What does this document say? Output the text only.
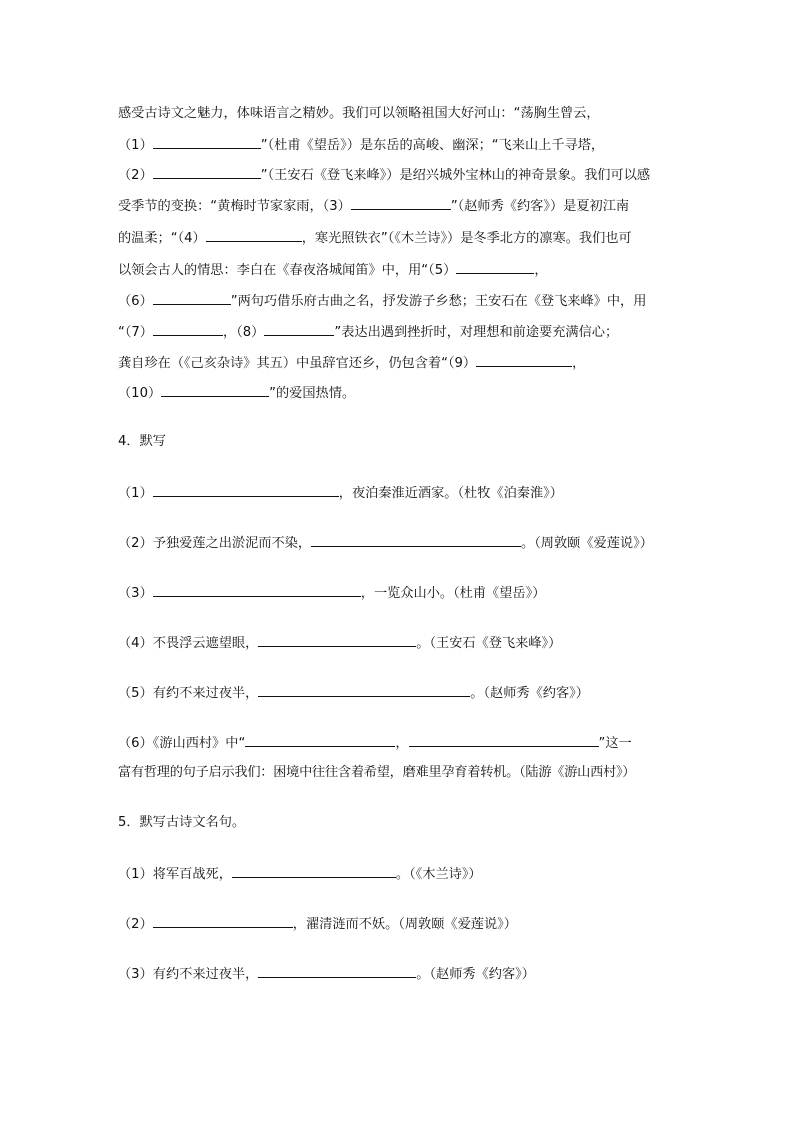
感受古诗文之魅力，体味语言之精妙。我们可以领略祖国大好河山：“荡胸生曾云，
（1）	”（杜甫《望岳》）是东岳的高峻、幽深；“飞来山上千寻塔，
（2）	”（王安石《登飞来峰》）是绍兴城外宝林山的神奇景象。我们可以感
受季节的变换：“黄梅时节家家雨，（3）	”（赵师秀《约客》）是夏初江南
的温柔；“（4）	，寒光照铁衣”（《木兰诗》）是冬季北方的凛寒。我们也可
以领会古人的情思：李白在《春夜洛城闻笛》中，用“（5）	，
（6）	”两句巧借乐府古曲之名，抒发游子乡愁；王安石在《登飞来峰》中，用
“（7）	，（8）	”表达出遇到挫折时，对理想和前途要充满信心；
龚自珍在（《己亥杂诗》其五）中虽辞官还乡，仍包含着“（9）	，
（10）	”的爱国热情。
4．默写
（1）	，夜泊秦淮近酒家。（杜牧《泊秦淮》）
（2）予独爱莲之出淤泥而不染，	。（周敦颐《爱莲说》）
（3）	，一览众山小。（杜甫《望岳》）
（4）不畏浮云遮望眼，	。（王安石《登飞来峰》）
（5）有约不来过夜半，	。（赵师秀《约客》）
（6）《游山西村》中“	，	”这一
富有哲理的句子启示我们：困境中往往含着希望，磨难里孕育着转机。（陆游《游山西村》）
5．默写古诗文名句。
（1）将军百战死，	。（《木兰诗》）
（2）	，濯清涟而不妖。（周敦颐《爱莲说》）
（3）有约不来过夜半，	。（赵师秀《约客》）
